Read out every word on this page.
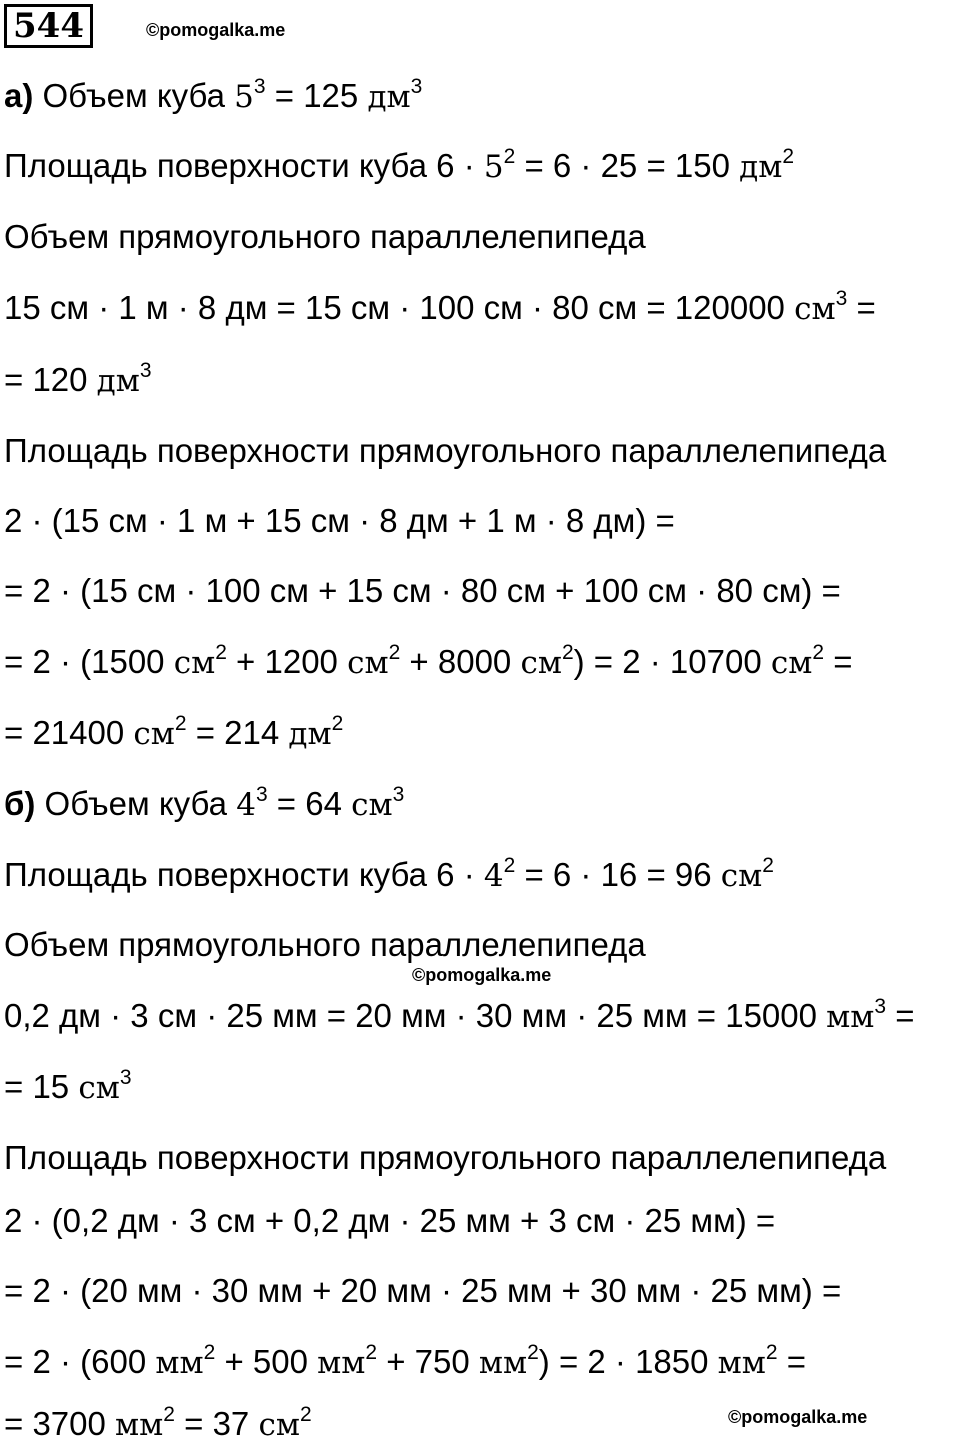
544	©pomogalka.me
©pomogalka.me
©pomogalka.me
а) Объем куба $5^3 = 125$ $дм^3$
Площадь поверхности куба $6 \cdot 5^2 = 6 \cdot 25 = 150$ $дм^2$
Объем прямоугольного параллелепипеда
15 см · 1 м · 8 дм = 15 см · 100 см · 80 см = 120000 $см^3$ =
= 120 $дм^3$
Площадь поверхности прямоугольного параллелепипеда
2 · (15 см · 1 м + 15 см · 8 дм + 1 м · 8 дм) =
= 2 · (15 см · 100 см + 15 см · 80 см + 100 см · 80 см) =
= 2 · (1500 $см^2 + 1200$ $см^2 + 8000$ $см^2) = 2 \cdot 10700$ $см^2$ =
= 21400 $см^2 = 214$ $дм^2$
б) Объем куба $4^3 = 64$ $см^3$
Площадь поверхности куба $6 \cdot 4^2 = 6 \cdot 16 = 96$ $см^2$
Объем прямоугольного параллелепипеда
0,2 дм · 3 см · 25 мм = 20 мм · 30 мм · 25 мм = 15000 $мм^3$ =
= 15 $см^3$
Площадь поверхности прямоугольного параллелепипеда
2 · (0,2 дм · 3 см + 0,2 дм · 25 мм + 3 см · 25 мм) =
= 2 · (20 мм · 30 мм + 20 мм · 25 мм + 30 мм · 25 мм) =
= 2 · (600 $мм^2 + 500$ $мм^2 + 750$ $мм^2) = 2 \cdot 1850$ $мм^2$ =
= 3700 $мм^2 = 37$ $см^2$
